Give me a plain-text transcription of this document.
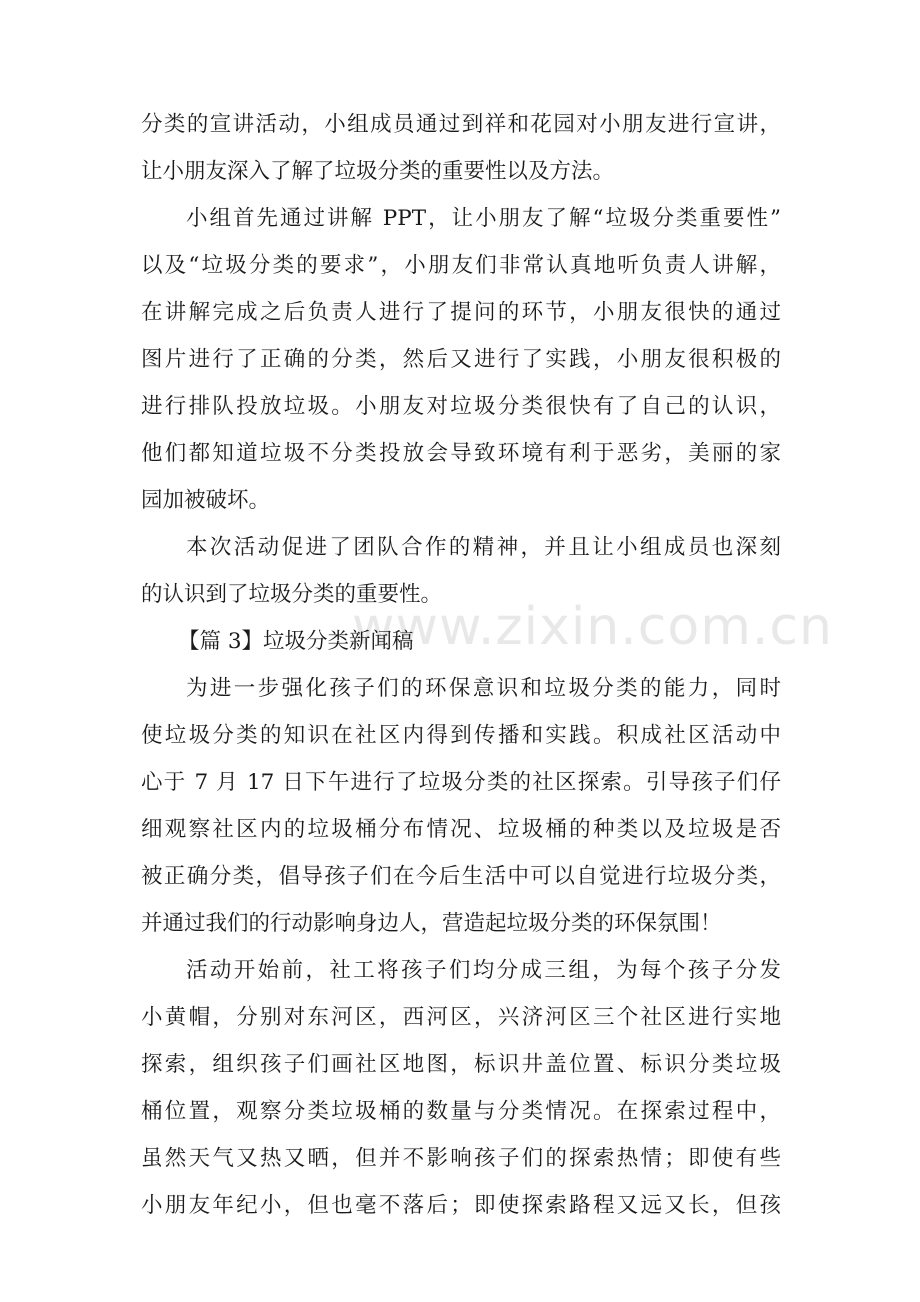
www.zixin.com.cn
分类的宣讲活动，小组成员通过到祥和花园对小朋友进行宣讲，
让小朋友深入了解了垃圾分类的重要性以及方法。
小组首先通过讲解 PPT，让小朋友了解“垃圾分类重要性”
以及“垃圾分类的要求”，小朋友们非常认真地听负责人讲解，
在讲解完成之后负责人进行了提问的环节，小朋友很快的通过
图片进行了正确的分类，然后又进行了实践，小朋友很积极的
进行排队投放垃圾。小朋友对垃圾分类很快有了自己的认识，
他们都知道垃圾不分类投放会导致环境有利于恶劣，美丽的家
园加被破坏。
本次活动促进了团队合作的精神，并且让小组成员也深刻
的认识到了垃圾分类的重要性。
【篇 3】垃圾分类新闻稿
为进一步强化孩子们的环保意识和垃圾分类的能力，同时
使垃圾分类的知识在社区内得到传播和实践。积成社区活动中
心于 7 月 17 日下午进行了垃圾分类的社区探索。引导孩子们仔
细观察社区内的垃圾桶分布情况、垃圾桶的种类以及垃圾是否
被正确分类，倡导孩子们在今后生活中可以自觉进行垃圾分类，
并通过我们的行动影响身边人，营造起垃圾分类的环保氛围！
活动开始前，社工将孩子们均分成三组，为每个孩子分发
小黄帽，分别对东河区，西河区，兴济河区三个社区进行实地
探索，组织孩子们画社区地图，标识井盖位置、标识分类垃圾
桶位置，观察分类垃圾桶的数量与分类情况。在探索过程中，
虽然天气又热又晒，但并不影响孩子们的探索热情；即使有些
小朋友年纪小，但也毫不落后；即使探索路程又远又长，但孩
